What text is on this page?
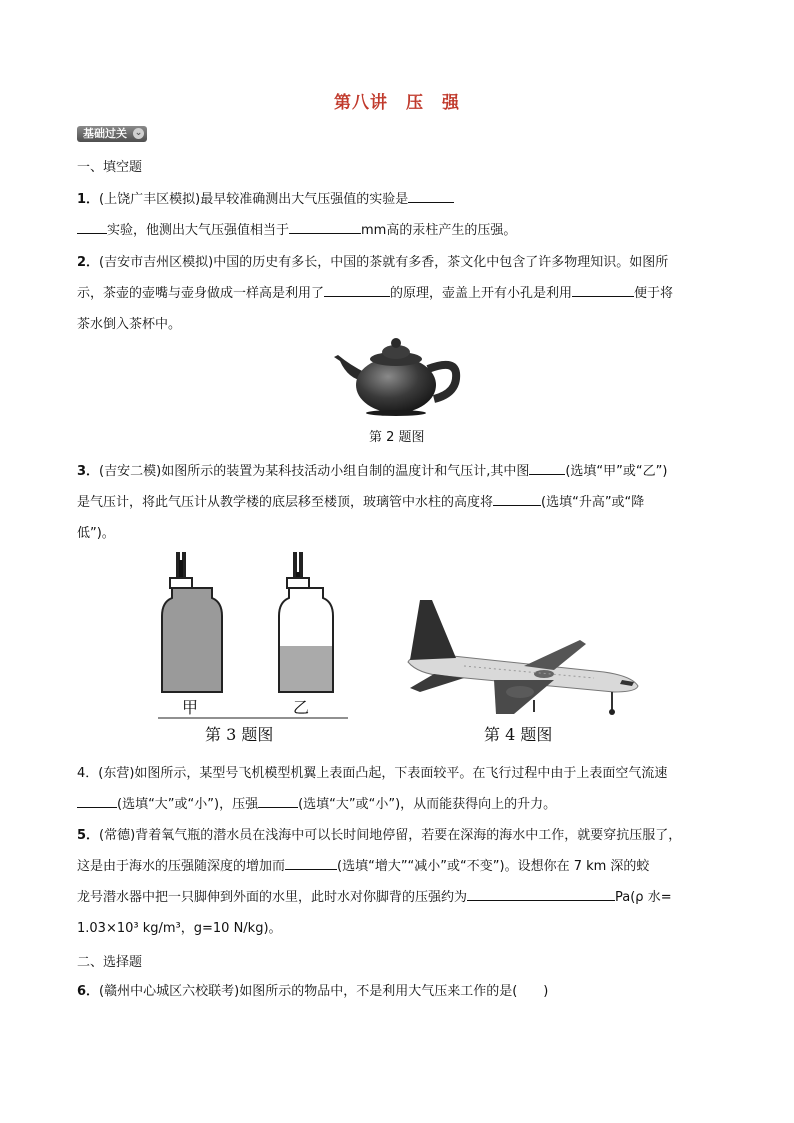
第八讲　压　强
基础过关 ⌄
一、填空题
1．(上饶广丰区模拟)最早较准确测出大气压强值的实验是
实验，他测出大气压强值相当于	mm高的汞柱产生的压强。
2．(吉安市吉州区模拟)中国的历史有多长，中国的茶就有多香，茶文化中包含了许多物理知识。如图所
示，茶壶的壶嘴与壶身做成一样高是利用了	的原理，壶盖上开有小孔是利用	便于将
茶水倒入茶杯中。
第 2 题图
3．(吉安二模)如图所示的装置为某科技活动小组自制的温度计和气压计,其中图	(选填“甲”或“乙”)
是气压计，将此气压计从教学楼的底层移至楼顶，玻璃管中水柱的高度将	(选填“升高”或“降
低”)。
甲	乙
第 3 题图	第 4 题图
4．(东营)如图所示，某型号飞机模型机翼上表面凸起，下表面较平。在飞行过程中由于上表面空气流速
(选填“大”或“小”)，压强	(选填“大”或“小”)，从而能获得向上的升力。
5．(常德)背着氧气瓶的潜水员在浅海中可以长时间地停留，若要在深海的海水中工作，就要穿抗压服了，
这是由于海水的压强随深度的增加而	(选填“增大”“减小”或“不变”)。设想你在 7 km 深的蛟
龙号潜水器中把一只脚伸到外面的水里，此时水对你脚背的压强约为	Pa(ρ 水=
1.03×10³ kg/m³，g=10 N/kg)。
二、选择题
6．(赣州中心城区六校联考)如图所示的物品中，不是利用大气压来工作的是(　　)
